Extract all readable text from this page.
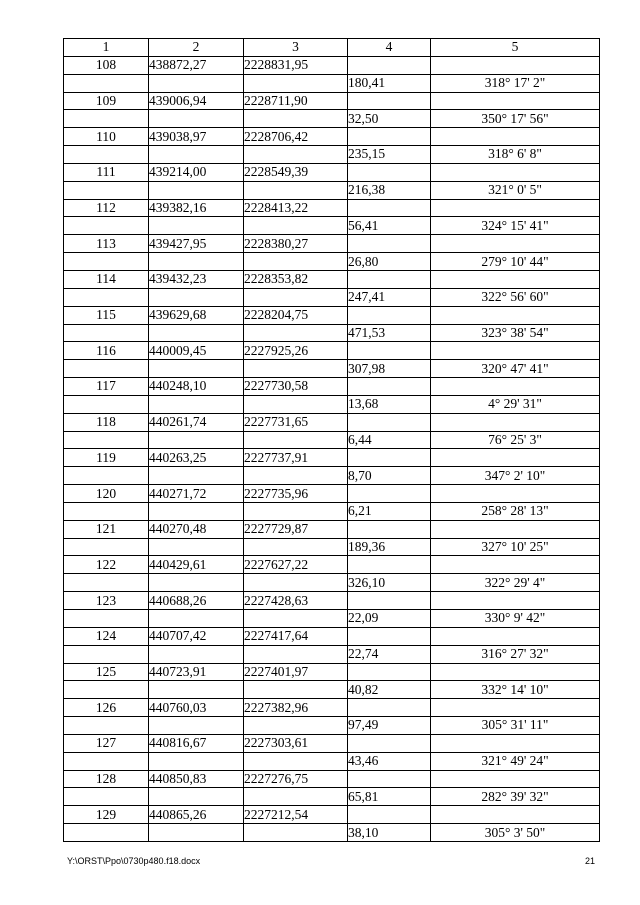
1	2	3	4	5
108	438872,27	2228831,95		
			180,41	318° 17' 2"
109	439006,94	2228711,90		
			32,50	350° 17' 56"
110	439038,97	2228706,42		
			235,15	318° 6' 8"
111	439214,00	2228549,39		
			216,38	321° 0' 5"
112	439382,16	2228413,22		
			56,41	324° 15' 41"
113	439427,95	2228380,27		
			26,80	279° 10' 44"
114	439432,23	2228353,82		
			247,41	322° 56' 60"
115	439629,68	2228204,75		
			471,53	323° 38' 54"
116	440009,45	2227925,26		
			307,98	320° 47' 41"
117	440248,10	2227730,58		
			13,68	4° 29' 31"
118	440261,74	2227731,65		
			6,44	76° 25' 3"
119	440263,25	2227737,91		
			8,70	347° 2' 10"
120	440271,72	2227735,96		
			6,21	258° 28' 13"
121	440270,48	2227729,87		
			189,36	327° 10' 25"
122	440429,61	2227627,22		
			326,10	322° 29' 4"
123	440688,26	2227428,63		
			22,09	330° 9' 42"
124	440707,42	2227417,64		
			22,74	316° 27' 32"
125	440723,91	2227401,97		
			40,82	332° 14' 10"
126	440760,03	2227382,96		
			97,49	305° 31' 11"
127	440816,67	2227303,61		
			43,46	321° 49' 24"
128	440850,83	2227276,75		
			65,81	282° 39' 32"
129	440865,26	2227212,54		
			38,10	305° 3' 50"
Y:\ORST\Ppo\0730p480.f18.docx	21
